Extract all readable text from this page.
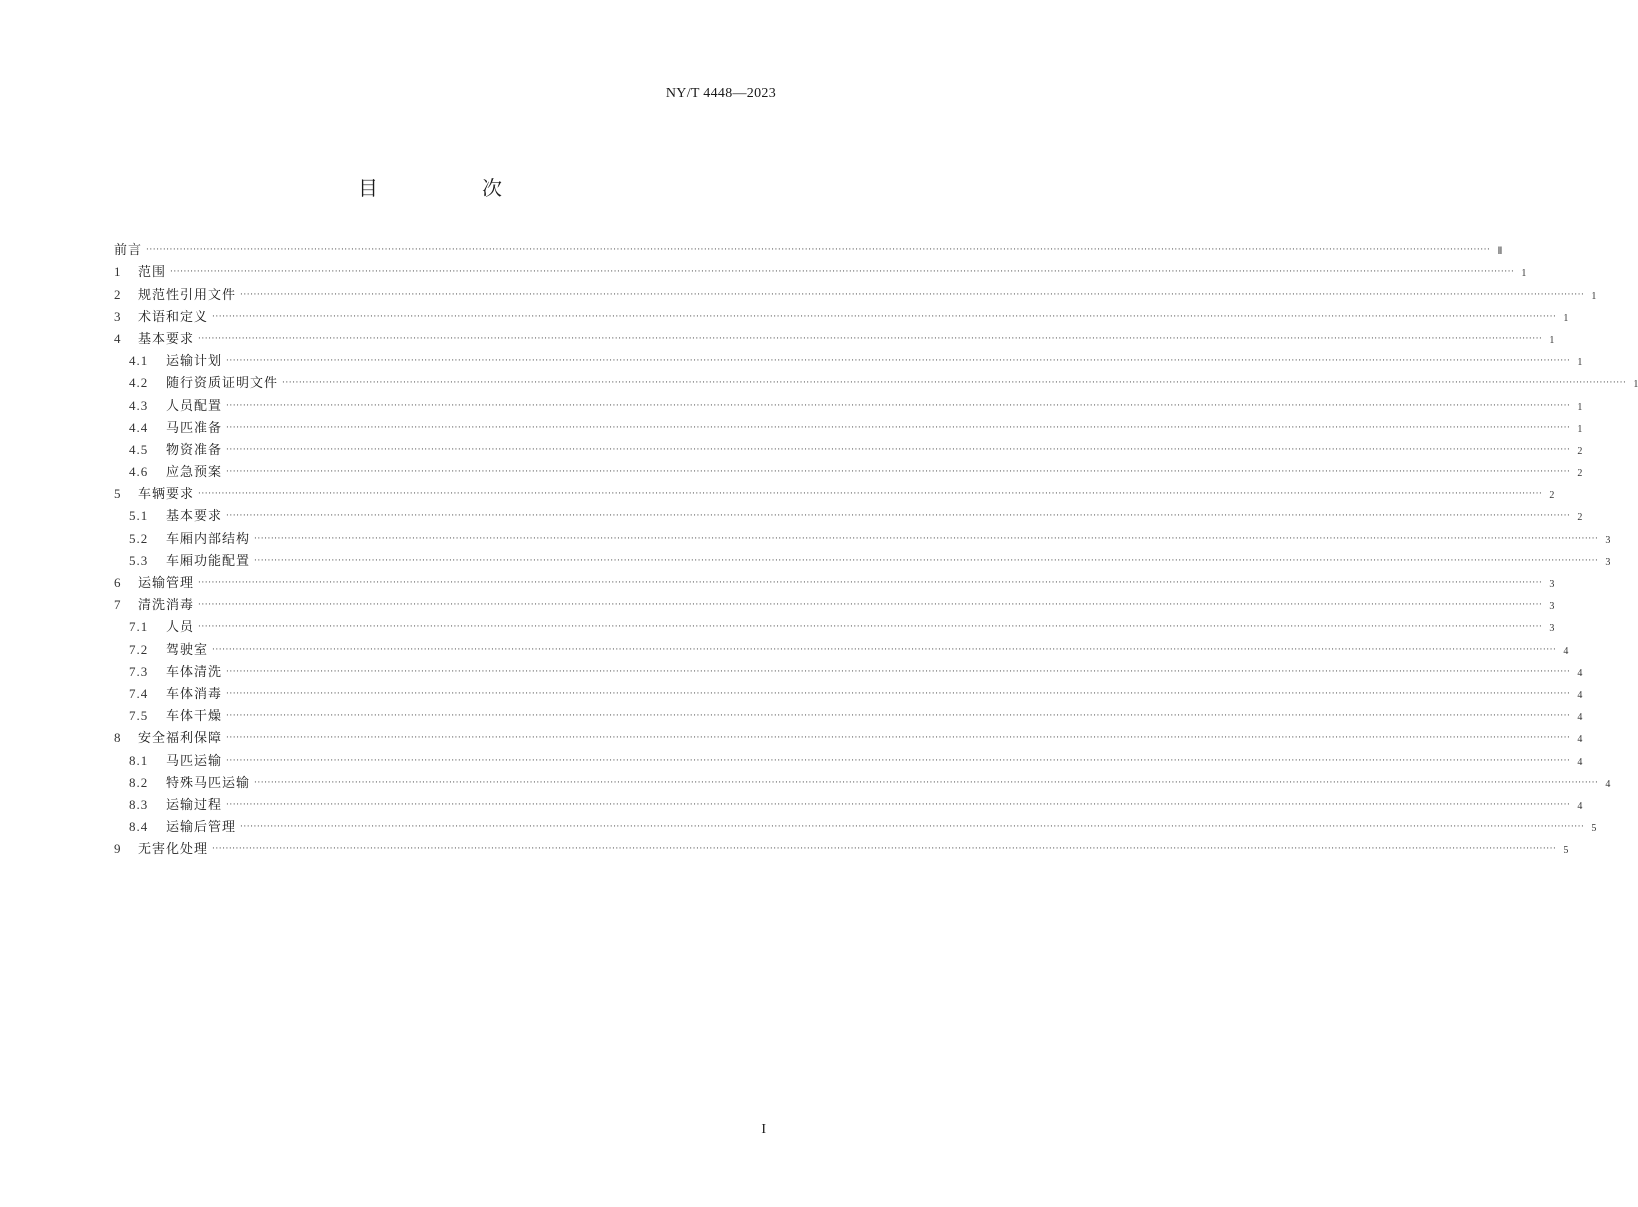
NY/T 4448—2023
目　次
前言 ················································································································································································································································································································································································································ Ⅱ
1	范围 ················································································································································································································································································································································································································ 1
2	规范性引用文件 ················································································································································································································································································································································································································ 1
3	术语和定义 ················································································································································································································································································································································································································ 1
4	基本要求 ················································································································································································································································································································································································································ 1
4.1	运输计划 ················································································································································································································································································································································································································ 1
4.2	随行资质证明文件 ················································································································································································································································································································································································································ 1
4.3	人员配置 ················································································································································································································································································································································································································ 1
4.4	马匹准备 ················································································································································································································································································································································································································ 1
4.5	物资准备 ················································································································································································································································································································································································································ 2
4.6	应急预案 ················································································································································································································································································································································································································ 2
5	车辆要求 ················································································································································································································································································································································································································ 2
5.1	基本要求 ················································································································································································································································································································································································································ 2
5.2	车厢内部结构 ················································································································································································································································································································································································································ 3
5.3	车厢功能配置 ················································································································································································································································································································································································································ 3
6	运输管理 ················································································································································································································································································································································································································ 3
7	清洗消毒 ················································································································································································································································································································································································································ 3
7.1	人员 ················································································································································································································································································································································································································ 3
7.2	驾驶室 ················································································································································································································································································································································································································ 4
7.3	车体清洗 ················································································································································································································································································································································································································ 4
7.4	车体消毒 ················································································································································································································································································································································································································ 4
7.5	车体干燥 ················································································································································································································································································································································································································ 4
8	安全福利保障 ················································································································································································································································································································································································································ 4
8.1	马匹运输 ················································································································································································································································································································································································································ 4
8.2	特殊马匹运输 ················································································································································································································································································································································································································ 4
8.3	运输过程 ················································································································································································································································································································································································································ 4
8.4	运输后管理 ················································································································································································································································································································································································································ 5
9	无害化处理 ················································································································································································································································································································································································································ 5
I
